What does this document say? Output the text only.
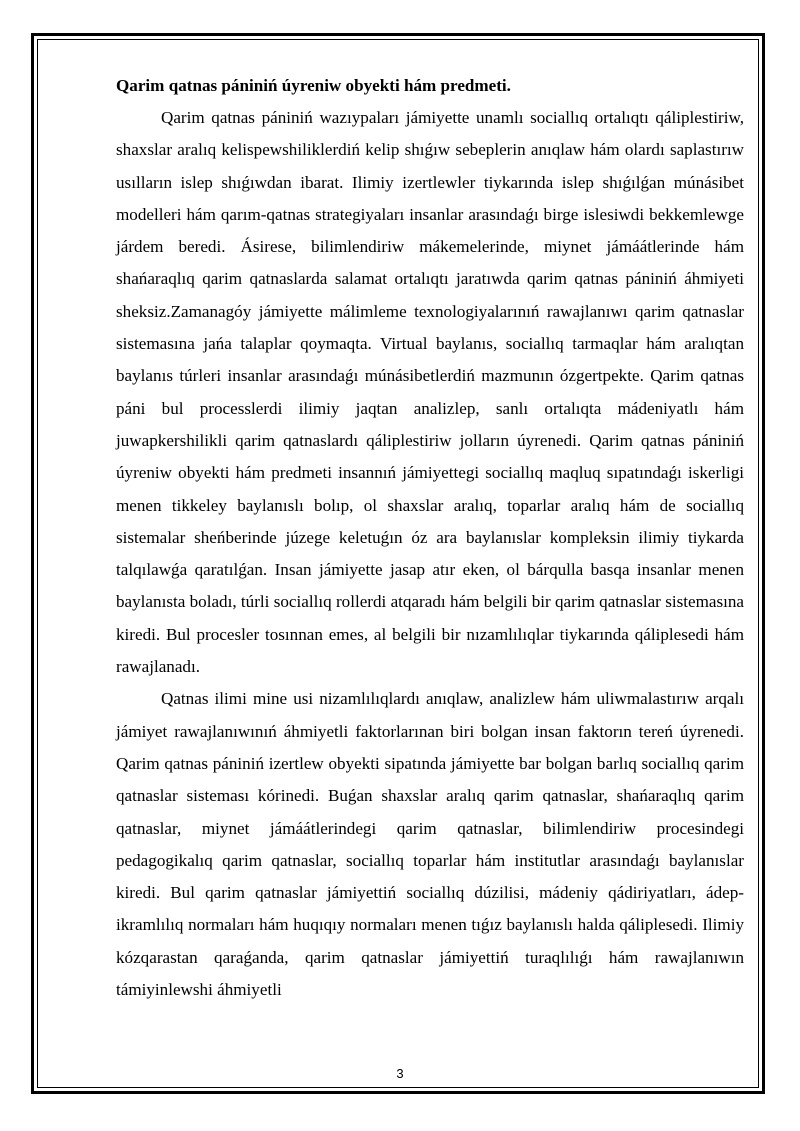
Qarim qatnas pániniń úyreniw obyekti hám predmeti.

Qarim qatnas pániniń wazıypaları jámiyette unamlı sociallıq ortalıqtı qáliplestiriw, shaxslar aralıq kelispewshiliklerdiń kelip shıǵıw sebeplerin anıqlaw hám olardı saplastırıw usılların islep shıǵıwdan ibarat. Ilimiy izertlewler tiykarında islep shıǵılǵan múnásibet modelleri hám qarım-qatnas strategiyaları insanlar arasındaǵı birge islesiwdi bekkemlewge járdem beredi. Ásirese, bilimlendiriw mákemelerinde, miynet jámáátlerinde hám shańaraqlıq qarim qatnaslarda salamat ortalıqtı jaratıwda qarim qatnas pániniń áhmiyeti sheksiz.Zamanagóy jámiyette málimleme texnologiyalarınıń rawajlanıwı qarim qatnaslar sistemasına jańa talaplar qoymaqta. Virtual baylanıs, sociallıq tarmaqlar hám aralıqtan baylanıs túrleri insanlar arasındaǵı múnásibetlerdiń mazmunın ózgertpekte. Qarim qatnas páni bul processlerdi ilimiy jaqtan analizlep, sanlı ortalıqta mádeniyatlı hám juwapkershilikli qarim qatnaslardı qáliplestiriw jolların úyrenedi. Qarim qatnas pániniń úyreniw obyekti hám predmeti insannıń jámiyettegi sociallıq maqluq sıpatındaǵı iskerligi menen tikkeley baylanıslı bolıp, ol shaxslar aralıq, toparlar aralıq hám de sociallıq sistemalar sheńberinde júzege keletuǵın óz ara baylanıslar kompleksin ilimiy tiykarda talqılawǵa qaratılǵan. Insan jámiyette jasap atır eken, ol bárqulla basqa insanlar menen baylanısta boladı, túrli sociallıq rollerdi atqaradı hám belgili bir qarim qatnaslar sistemasına kiredi. Bul procesler tosınnan emes, al belgili bir nızamlılıqlar tiykarında qáliplesedi hám rawajlanadı.

Qatnas ilimi mine usi nizamlılıqlardı anıqlaw, analizlew hám uliwmalastırıw arqalı jámiyet rawajlanıwınıń áhmiyetli faktorlarınan biri bolgan insan faktorın tereń úyrenedi. Qarim qatnas pániniń izertlew obyekti sipatında jámiyette bar bolgan barlıq sociallıq qarim qatnaslar sisteması kórinedi. Buǵan shaxslar aralıq qarim qatnaslar, shańaraqlıq qarim qatnaslar, miynet jámáátlerindegi qarim qatnaslar, bilimlendiriw procesindegi pedagogikalıq qarim qatnaslar, sociallıq toparlar hám institutlar arasındaǵı baylanıslar kiredi. Bul qarim qatnaslar jámiyettiń sociallıq dúzilisi, mádeniy qádiriyatları, ádep-ikramlılıq normaları hám huqıqıy normaları menen tıǵız baylanıslı halda qáliplesedi. Ilimiy kózqarastan qaraǵanda, qarim qatnaslar jámiyettiń turaqlılıǵı hám rawajlanıwın támiyinlewshi áhmiyetli

3
